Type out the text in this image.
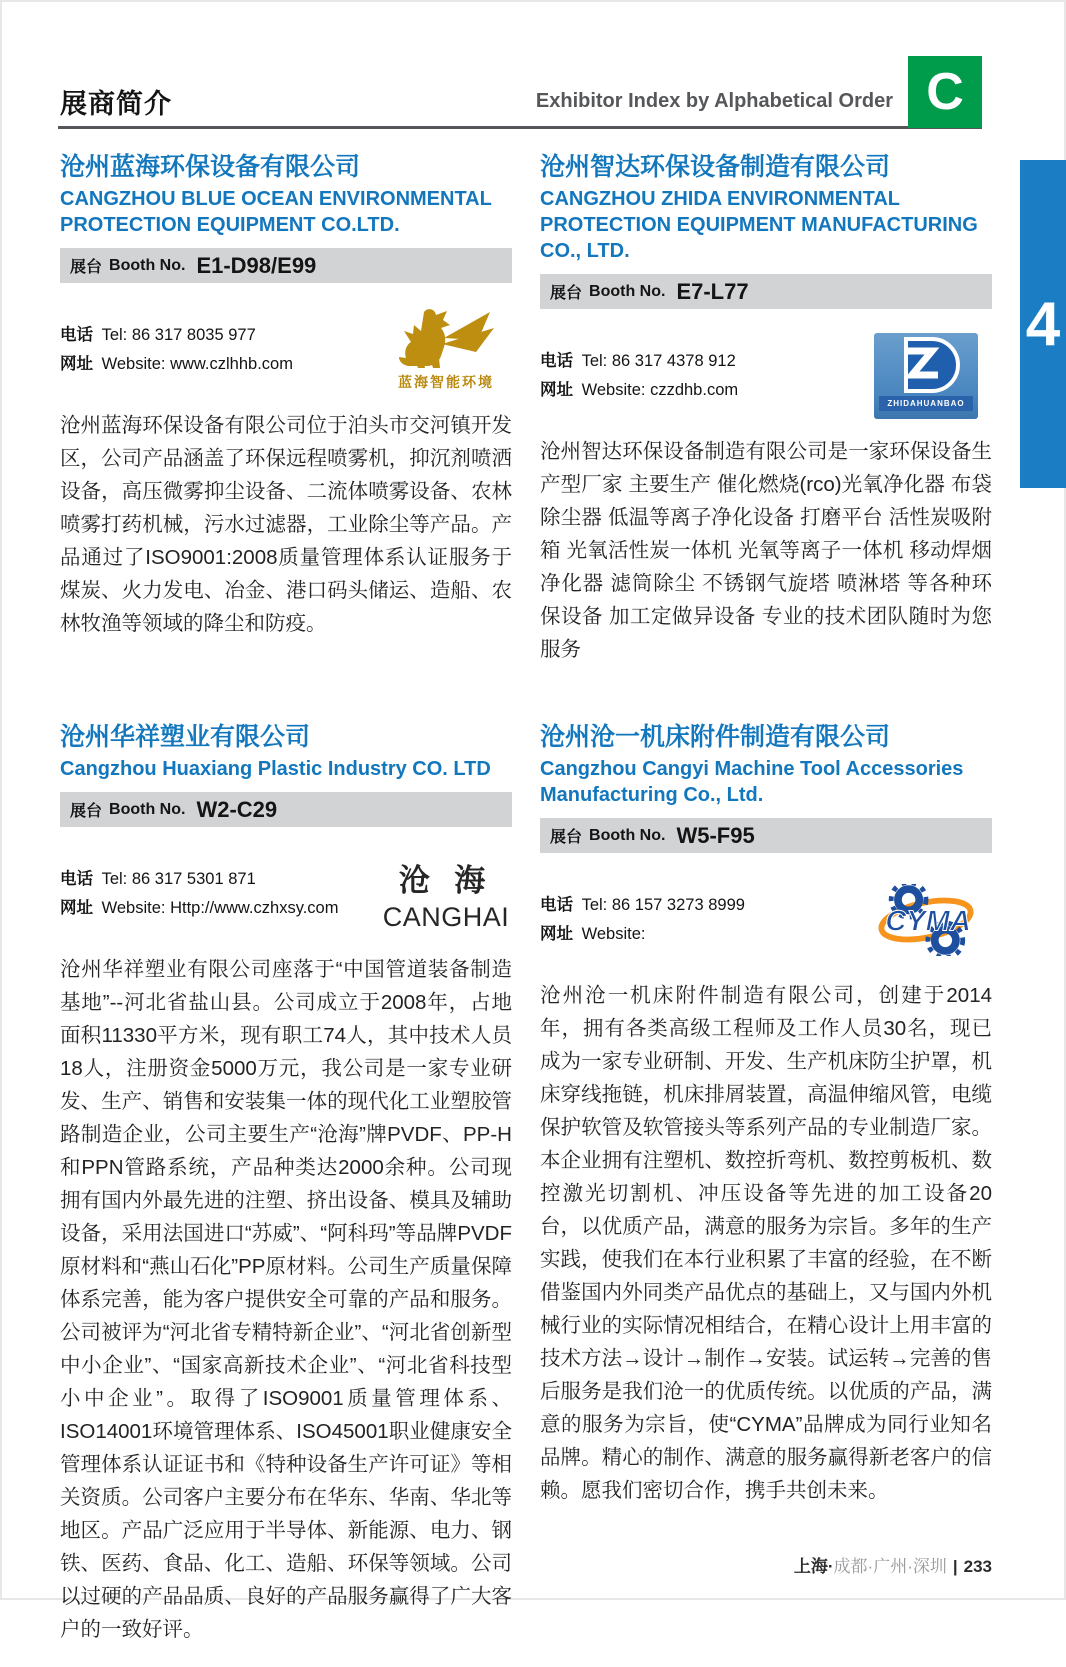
展商简介	Exhibitor Index by Alphabetical Order C
4
沧州蓝海环保设备有限公司
CANGZHOU BLUE OCEAN ENVIRONMENTAL PROTECTION EQUIPMENT CO.LTD.
展台 Booth No. E1-D98/E99
电话 Tel: 86 317 8035 977
网址 Website: www.czlhhb.com
蓝海智能环境

沧州蓝海环保设备有限公司位于泊头市交河镇开发区，公司产品涵盖了环保远程喷雾机，抑沉剂喷洒设备，高压微雾抑尘设备、二流体喷雾设备、农林喷雾打药机械，污水过滤器，工业除尘等产品。产品通过了ISO9001:2008质量管理体系认证服务于煤炭、火力发电、冶金、港口码头储运、造船、农林牧渔等领域的降尘和防疫。

沧州智达环保设备制造有限公司
CANGZHOU ZHIDA ENVIRONMENTAL PROTECTION EQUIPMENT MANUFACTURING CO., LTD.
展台 Booth No. E7-L77
电话 Tel: 86 317 4378 912
网址 Website: czzdhb.com
ZHIDAHUANBAO

沧州智达环保设备制造有限公司是一家环保设备生产型厂家 主要生产 催化燃烧(rco)光氧净化器 布袋除尘器 低温等离子净化设备 打磨平台 活性炭吸附箱 光氧活性炭一体机 光氧等离子一体机 移动焊烟净化器 滤筒除尘 不锈钢气旋塔 喷淋塔 等各种环保设备 加工定做异设备 专业的技术团队随时为您服务

沧州华祥塑业有限公司
Cangzhou Huaxiang Plastic Industry CO. LTD
展台 Booth No. W2-C29
电话 Tel: 86 317 5301 871
网址 Website: Http://www.czhxsy.com
沧 海
CANGHAI

沧州华祥塑业有限公司座落于“中国管道装备制造基地”--河北省盐山县。公司成立于2008年，占地面积11330平方米，现有职工74人，其中技术人员18人，注册资金5000万元，我公司是一家专业研发、生产、销售和安装集一体的现代化工业塑胶管路制造企业，公司主要生产“沧海”牌PVDF、PP-H和PPN管路系统，产品种类达2000余种。公司现拥有国内外最先进的注塑、挤出设备、模具及辅助设备，采用法国进口“苏威”、“阿科玛”等品牌PVDF原材料和“燕山石化”PP原材料。公司生产质量保障体系完善，能为客户提供安全可靠的产品和服务。公司被评为“河北省专精特新企业”、“河北省创新型中小企业”、“国家高新技术企业”、“河北省科技型小中企业”。取得了ISO9001质量管理体系、ISO14001环境管理体系、ISO45001职业健康安全管理体系认证证书和《特种设备生产许可证》等相关资质。公司客户主要分布在华东、华南、华北等地区。产品广泛应用于半导体、新能源、电力、钢铁、医药、食品、化工、造船、环保等领域。公司以过硬的产品品质、良好的产品服务赢得了广大客户的一致好评。

沧州沧一机床附件制造有限公司
Cangzhou Cangyi Machine Tool Accessories Manufacturing Co., Ltd.
展台 Booth No. W5-F95
电话 Tel: 86 157 3273 8999
网址 Website:	CYMA

沧州沧一机床附件制造有限公司，创建于2014年，拥有各类高级工程师及工作人员30名，现已成为一家专业研制、开发、生产机床防尘护罩，机床穿线拖链，机床排屑装置，高温伸缩风管，电缆保护软管及软管接头等系列产品的专业制造厂家。本企业拥有注塑机、数控折弯机、数控剪板机、数控激光切割机、冲压设备等先进的加工设备20台，以优质产品，满意的服务为宗旨。多年的生产实践，使我们在本行业积累了丰富的经验，在不断借鉴国内外同类产品优点的基础上，又与国内外机械行业的实际情况相结合，在精心设计上用丰富的技术方法→设计→制作→安装。试运转→完善的售后服务是我们沧一的优质传统。以优质的产品，满意的服务为宗旨，使“CYMA”品牌成为同行业知名品牌。精心的制作、满意的服务赢得新老客户的信赖。愿我们密切合作，携手共创未来。

上海·成都·广州·深圳 | 233
